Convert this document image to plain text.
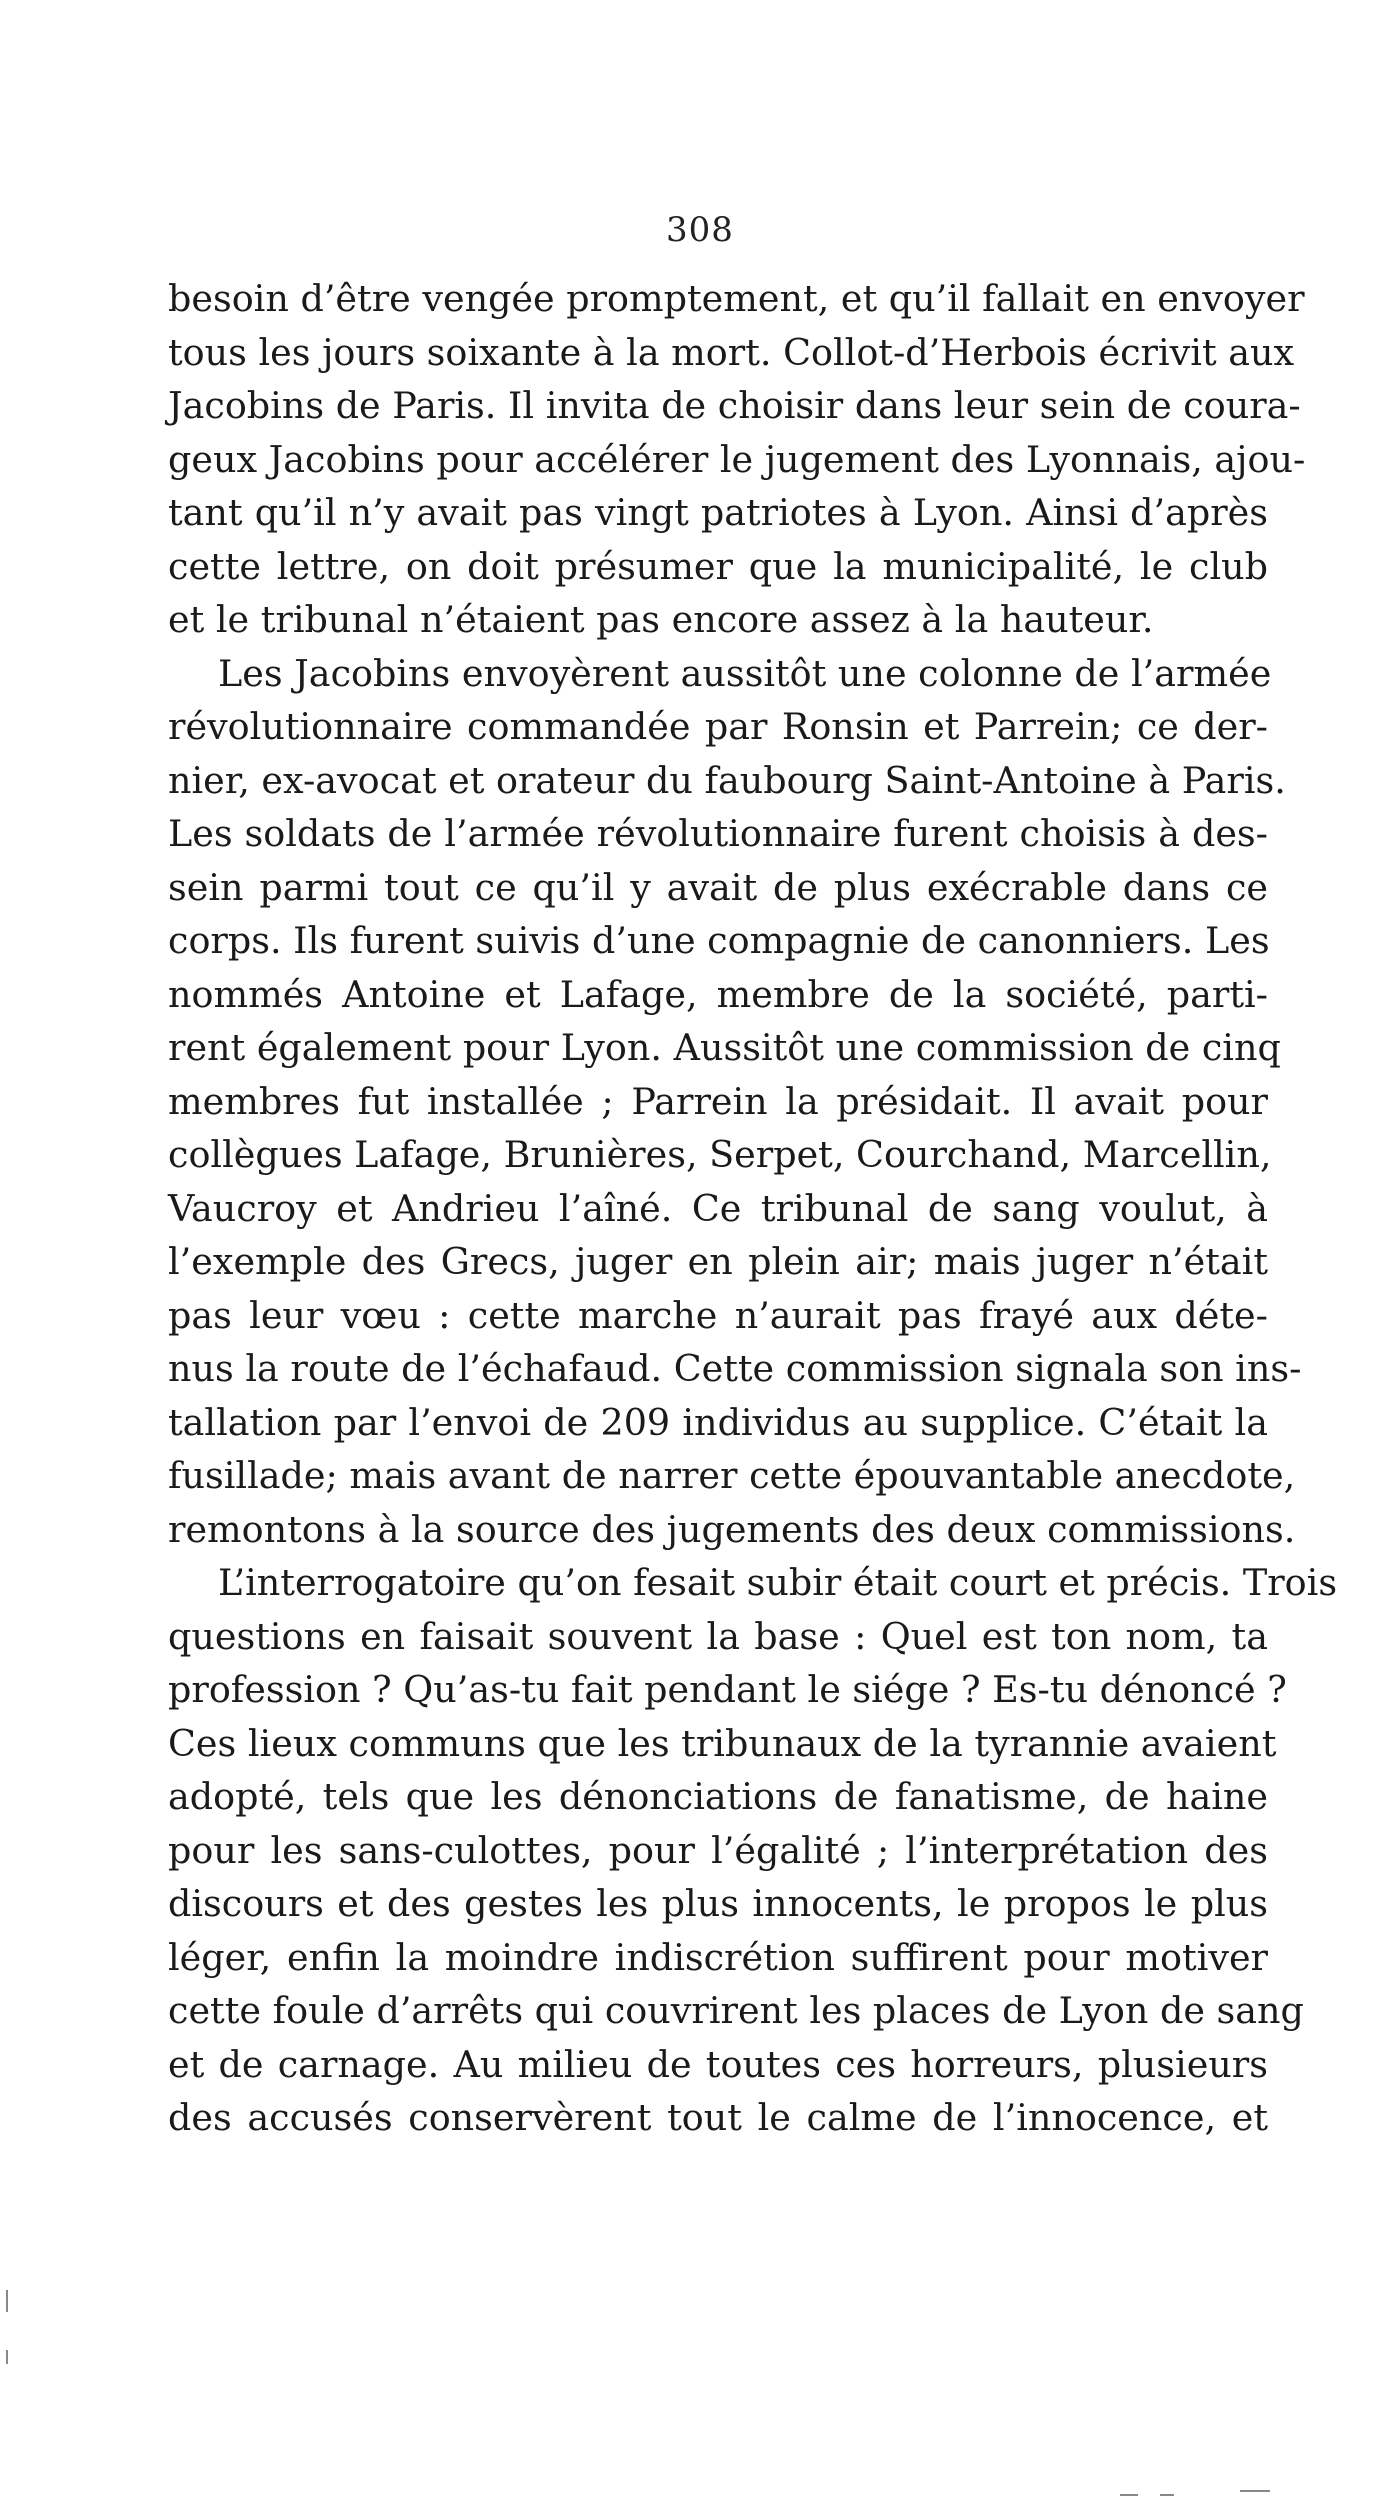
308

besoin d’être vengée promptement, et qu’il fallait en envoyer
tous les jours soixante à la mort. Collot-d’Herbois écrivit aux
Jacobins de Paris. Il invita de choisir dans leur sein de coura-
geux Jacobins pour accélérer le jugement des Lyonnais, ajou-
tant qu’il n’y avait pas vingt patriotes à Lyon. Ainsi d’après
cette lettre, on doit présumer que la municipalité, le club
et le tribunal n’étaient pas encore assez à la hauteur.

Les Jacobins envoyèrent aussitôt une colonne de l’armée
révolutionnaire commandée par Ronsin et Parrein; ce der-
nier, ex-avocat et orateur du faubourg Saint-Antoine à Paris.
Les soldats de l’armée révolutionnaire furent choisis à des-
sein parmi tout ce qu’il y avait de plus exécrable dans ce
corps. Ils furent suivis d’une compagnie de canonniers. Les
nommés Antoine et Lafage, membre de la société, parti-
rent également pour Lyon. Aussitôt une commission de cinq
membres fut installée ; Parrein la présidait. Il avait pour
collègues Lafage, Brunières, Serpet, Courchand, Marcellin,
Vaucroy et Andrieu l’aîné. Ce tribunal de sang voulut, à
l’exemple des Grecs, juger en plein air; mais juger n’était
pas leur vœu : cette marche n’aurait pas frayé aux déte-
nus la route de l’échafaud. Cette commission signala son ins-
tallation par l’envoi de 209 individus au supplice. C’était la
fusillade; mais avant de narrer cette épouvantable anecdote,
remontons à la source des jugements des deux commissions.

L’interrogatoire qu’on fesait subir était court et précis. Trois
questions en faisait souvent la base : Quel est ton nom, ta
profession ? Qu’as-tu fait pendant le siége ? Es-tu dénoncé ?
Ces lieux communs que les tribunaux de la tyrannie avaient
adopté, tels que les dénonciations de fanatisme, de haine
pour les sans-culottes, pour l’égalité ; l’interprétation des
discours et des gestes les plus innocents, le propos le plus
léger, enfin la moindre indiscrétion suffirent pour motiver
cette foule d’arrêts qui couvrirent les places de Lyon de sang
et de carnage. Au milieu de toutes ces horreurs, plusieurs
des accusés conservèrent tout le calme de l’innocence, et
